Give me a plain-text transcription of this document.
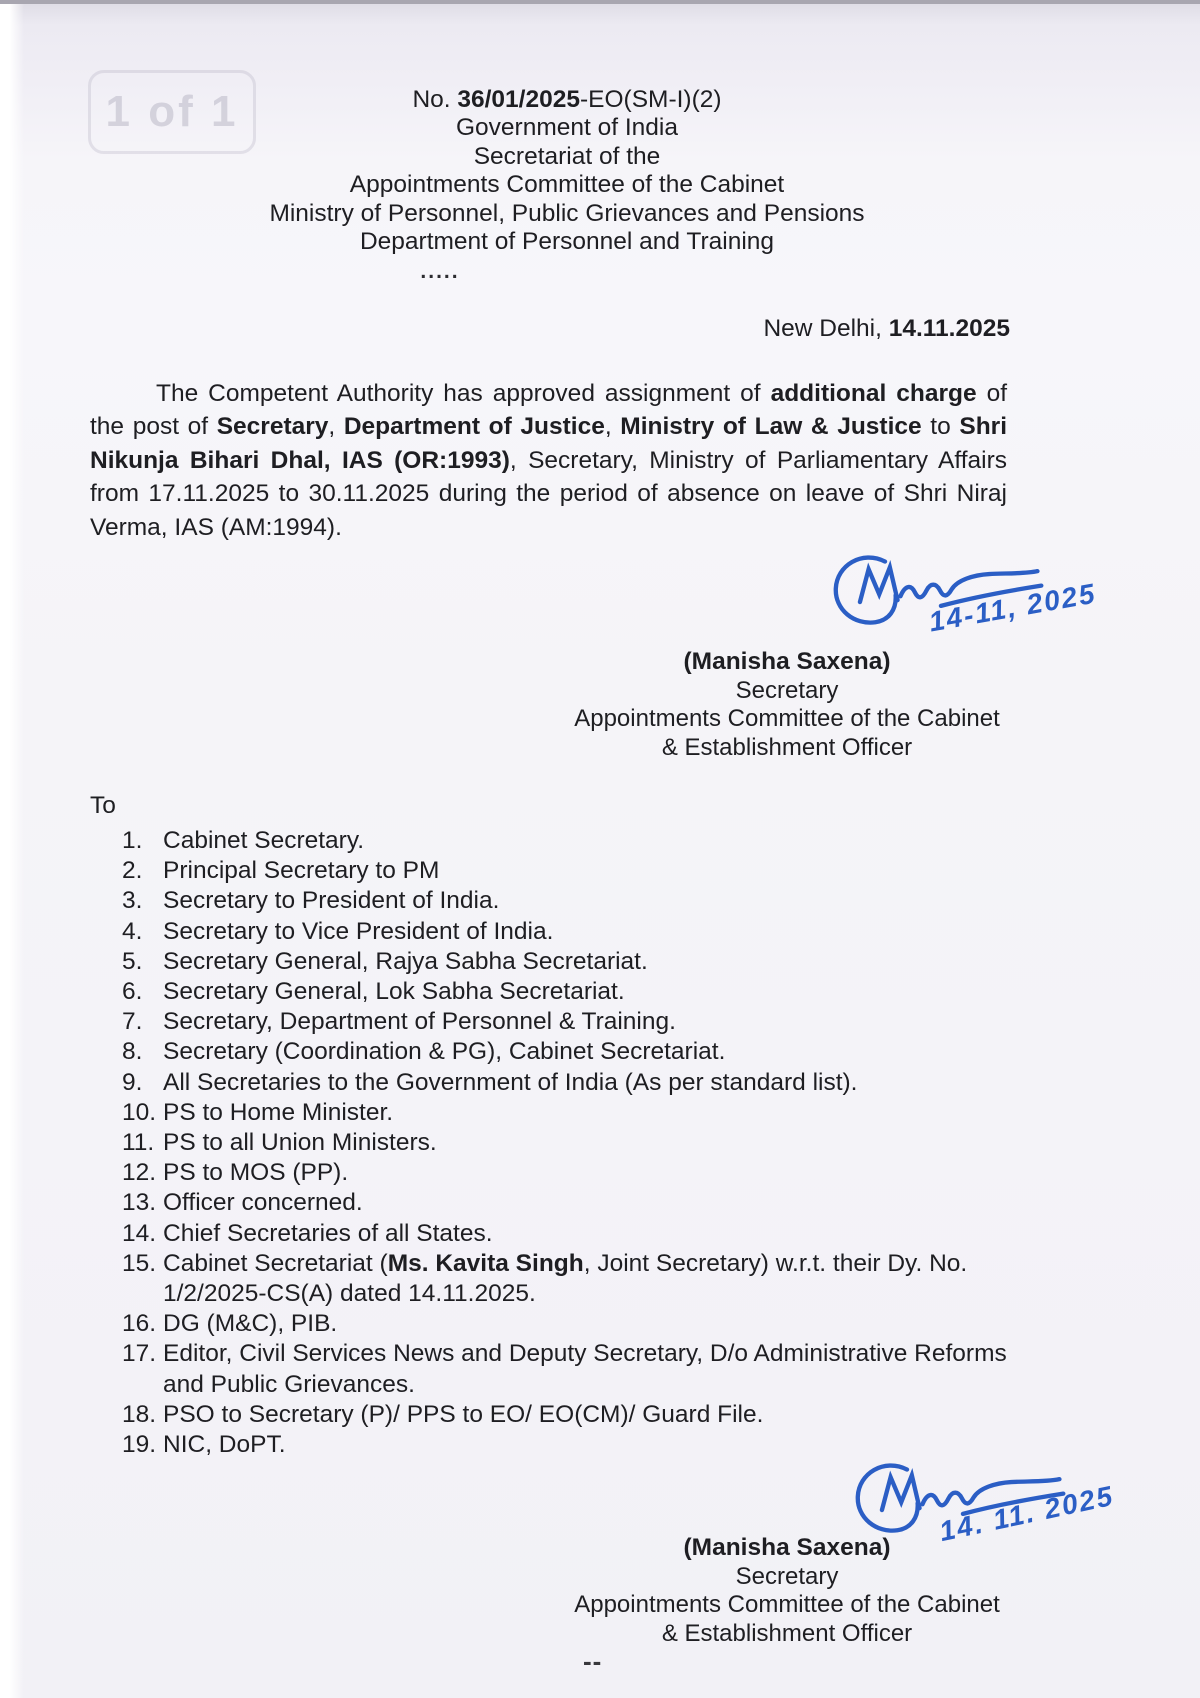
1 of 1	No. 36/01/2025-EO(SM-I)(2)
Government of India
Secretariat of the
Appointments Committee of the Cabinet
Ministry of Personnel, Public Grievances and Pensions
Department of Personnel and Training
.....
New Delhi, 14.11.2025
The Competent Authority has approved assignment of additional charge of the post of Secretary, Department of Justice, Ministry of Law & Justice to Shri Nikunja Bihari Dhal, IAS (OR:1993), Secretary, Ministry of Parliamentary Affairs from 17.11.2025 to 30.11.2025 during the period of absence on leave of Shri Niraj Verma, IAS (AM:1994).
14-11, 2025
(Manisha Saxena)
Secretary
Appointments Committee of the Cabinet
& Establishment Officer
To
1. Cabinet Secretary.
2. Principal Secretary to PM
3. Secretary to President of India.
4. Secretary to Vice President of India.
5. Secretary General, Rajya Sabha Secretariat.
6. Secretary General, Lok Sabha Secretariat.
7. Secretary, Department of Personnel & Training.
8. Secretary (Coordination & PG), Cabinet Secretariat.
9. All Secretaries to the Government of India (As per standard list).
10. PS to Home Minister.
11. PS to all Union Ministers.
12. PS to MOS (PP).
13. Officer concerned.
14. Chief Secretaries of all States.
15. Cabinet Secretariat (Ms. Kavita Singh, Joint Secretary) w.r.t. their Dy. No. 1/2/2025-CS(A) dated 14.11.2025.
16. DG (M&C), PIB.
17. Editor, Civil Services News and Deputy Secretary, D/o Administrative Reforms and Public Grievances.
18. PSO to Secretary (P)/ PPS to EO/ EO(CM)/ Guard File.
19. NIC, DoPT.
14. 11. 2025
(Manisha Saxena)
Secretary
Appointments Committee of the Cabinet
& Establishment Officer
--
